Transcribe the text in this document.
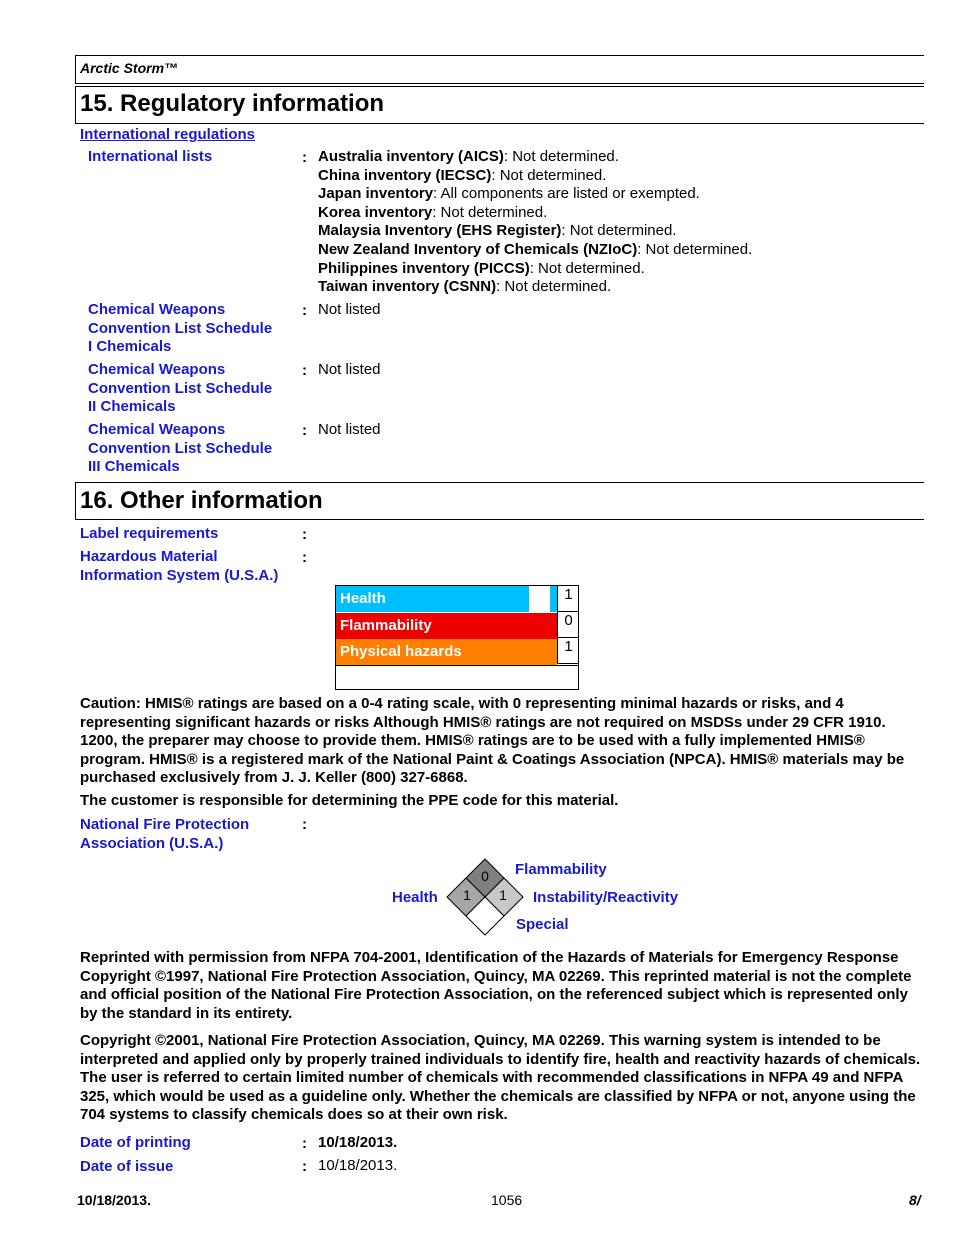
Arctic Storm™
15. Regulatory information
International regulations
International lists	: Australia inventory (AICS): Not determined.
China inventory (IECSC): Not determined.
Japan inventory: All components are listed or exempted.
Korea inventory: Not determined.
Malaysia Inventory (EHS Register): Not determined.
New Zealand Inventory of Chemicals (NZIoC): Not determined.
Philippines inventory (PICCS): Not determined.
Taiwan inventory (CSNN): Not determined.
Chemical Weapons
Convention List Schedule
I Chemicals
: Not listed
Chemical Weapons
Convention List Schedule
II Chemicals
: Not listed
Chemical Weapons
Convention List Schedule
III Chemicals
: Not listed
16. Other information
Label requirements	:
Hazardous Material
Information System (U.S.A.)
:
Health	1
Flammability	0
Physical hazards	1
Caution: HMIS® ratings are based on a 0-4 rating scale, with 0 representing minimal hazards or risks, and 4 representing significant hazards or risks Although HMIS® ratings are not required on MSDSs under 29 CFR 1910. 1200, the preparer may choose to provide them. HMIS® ratings are to be used with a fully implemented HMIS® program. HMIS® is a registered mark of the National Paint & Coatings Association (NPCA). HMIS® materials may be purchased exclusively from J. J. Keller (800) 327-6868.
The customer is responsible for determining the PPE code for this material.
National Fire Protection
Association (U.S.A.)
:
0
1 1
Flammability
Health	Instability/Reactivity
Special
Reprinted with permission from NFPA 704-2001, Identification of the Hazards of Materials for Emergency Response Copyright ©1997, National Fire Protection Association, Quincy, MA 02269. This reprinted material is not the complete and official position of the National Fire Protection Association, on the referenced subject which is represented only by the standard in its entirety.
Copyright ©2001, National Fire Protection Association, Quincy, MA 02269. This warning system is intended to be interpreted and applied only by properly trained individuals to identify fire, health and reactivity hazards of chemicals. The user is referred to certain limited number of chemicals with recommended classifications in NFPA 49 and NFPA 325, which would be used as a guideline only. Whether the chemicals are classified by NFPA or not, anyone using the 704 systems to classify chemicals does so at their own risk.
Date of printing	: 10/18/2013.
Date of issue	: 10/18/2013.
10/18/2013.	1056	8/
